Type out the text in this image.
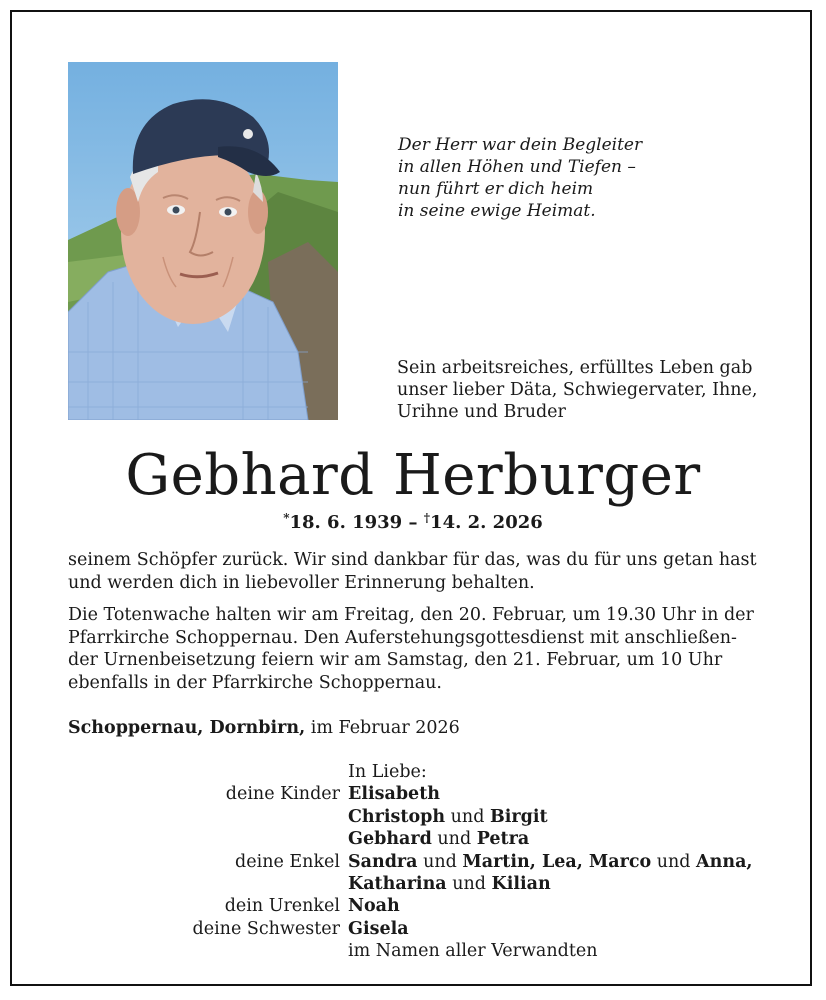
Der Herr war dein Begleiter
in allen Höhen und Tiefen –
nun führt er dich heim
in seine ewige Heimat.
Sein arbeitsreiches, erfülltes Leben gab
unser lieber Däta, Schwiegervater, Ihne,
Urihne und Bruder
Gebhard Herburger
*18. 6. 1939 – †14. 2. 2026
seinem Schöpfer zurück. Wir sind dankbar für das, was du für uns getan hast
und werden dich in liebevoller Erinnerung behalten.
Die Totenwache halten wir am Freitag, den 20. Februar, um 19.30 Uhr in der
Pfarrkirche Schoppernau. Den Auferstehungsgottesdienst mit anschließen-
der Urnenbeisetzung feiern wir am Samstag, den 21. Februar, um 10 Uhr
ebenfalls in der Pfarrkirche Schoppernau.
Schoppernau, Dornbirn, im Februar 2026
In Liebe:
deine Kinder Elisabeth
Christoph und Birgit
Gebhard und Petra
deine Enkel Sandra und Martin, Lea, Marco und Anna,
Katharina und Kilian
dein Urenkel Noah
deine Schwester Gisela
im Namen aller Verwandten
